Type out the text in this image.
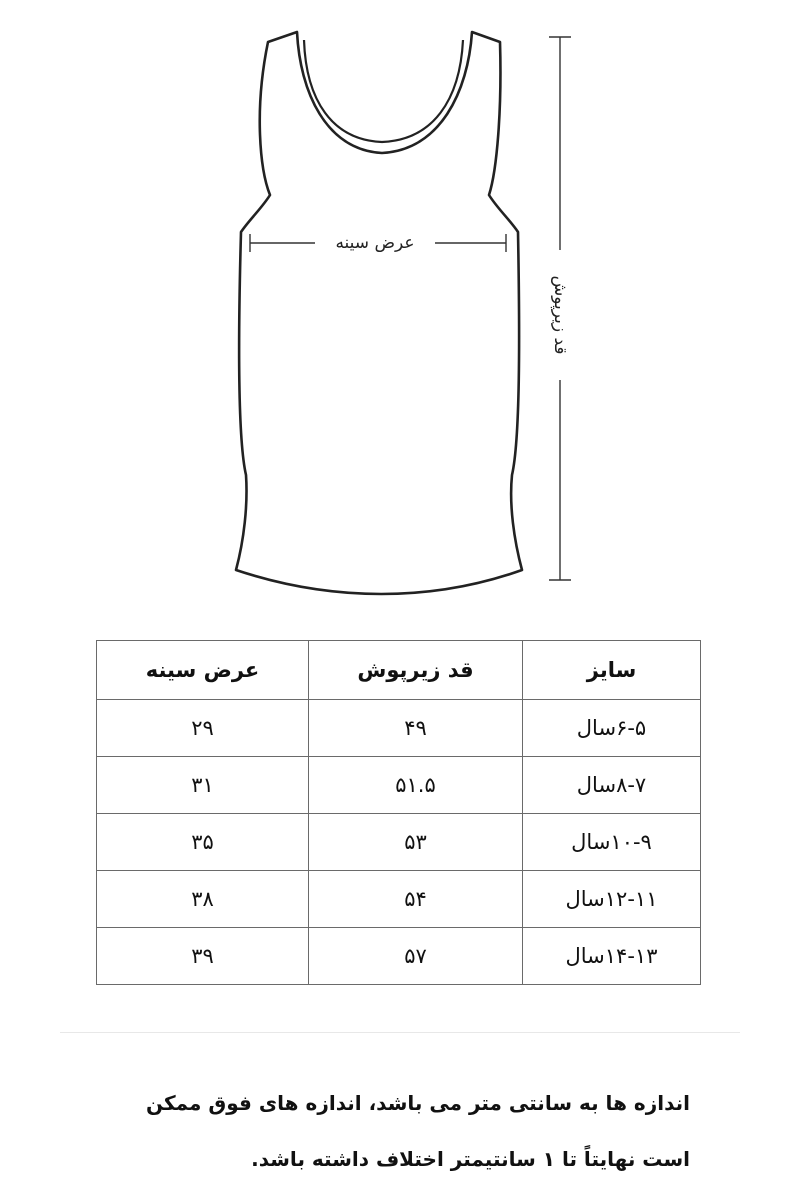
عرض سینه
قد زیرپوش
سایز	قد زیرپوش	عرض سینه
۶-۵سال	۴۹	۲۹
۸-۷سال	۵۱.۵	۳۱
۱۰-۹سال	۵۳	۳۵
۱۲-۱۱سال	۵۴	۳۸
۱۴-۱۳سال	۵۷	۳۹
اندازه ها به سانتی متر می باشد، اندازه های فوق ممکن
است نهایتاً تا ۱ سانتیمتر اختلاف داشته باشد.
